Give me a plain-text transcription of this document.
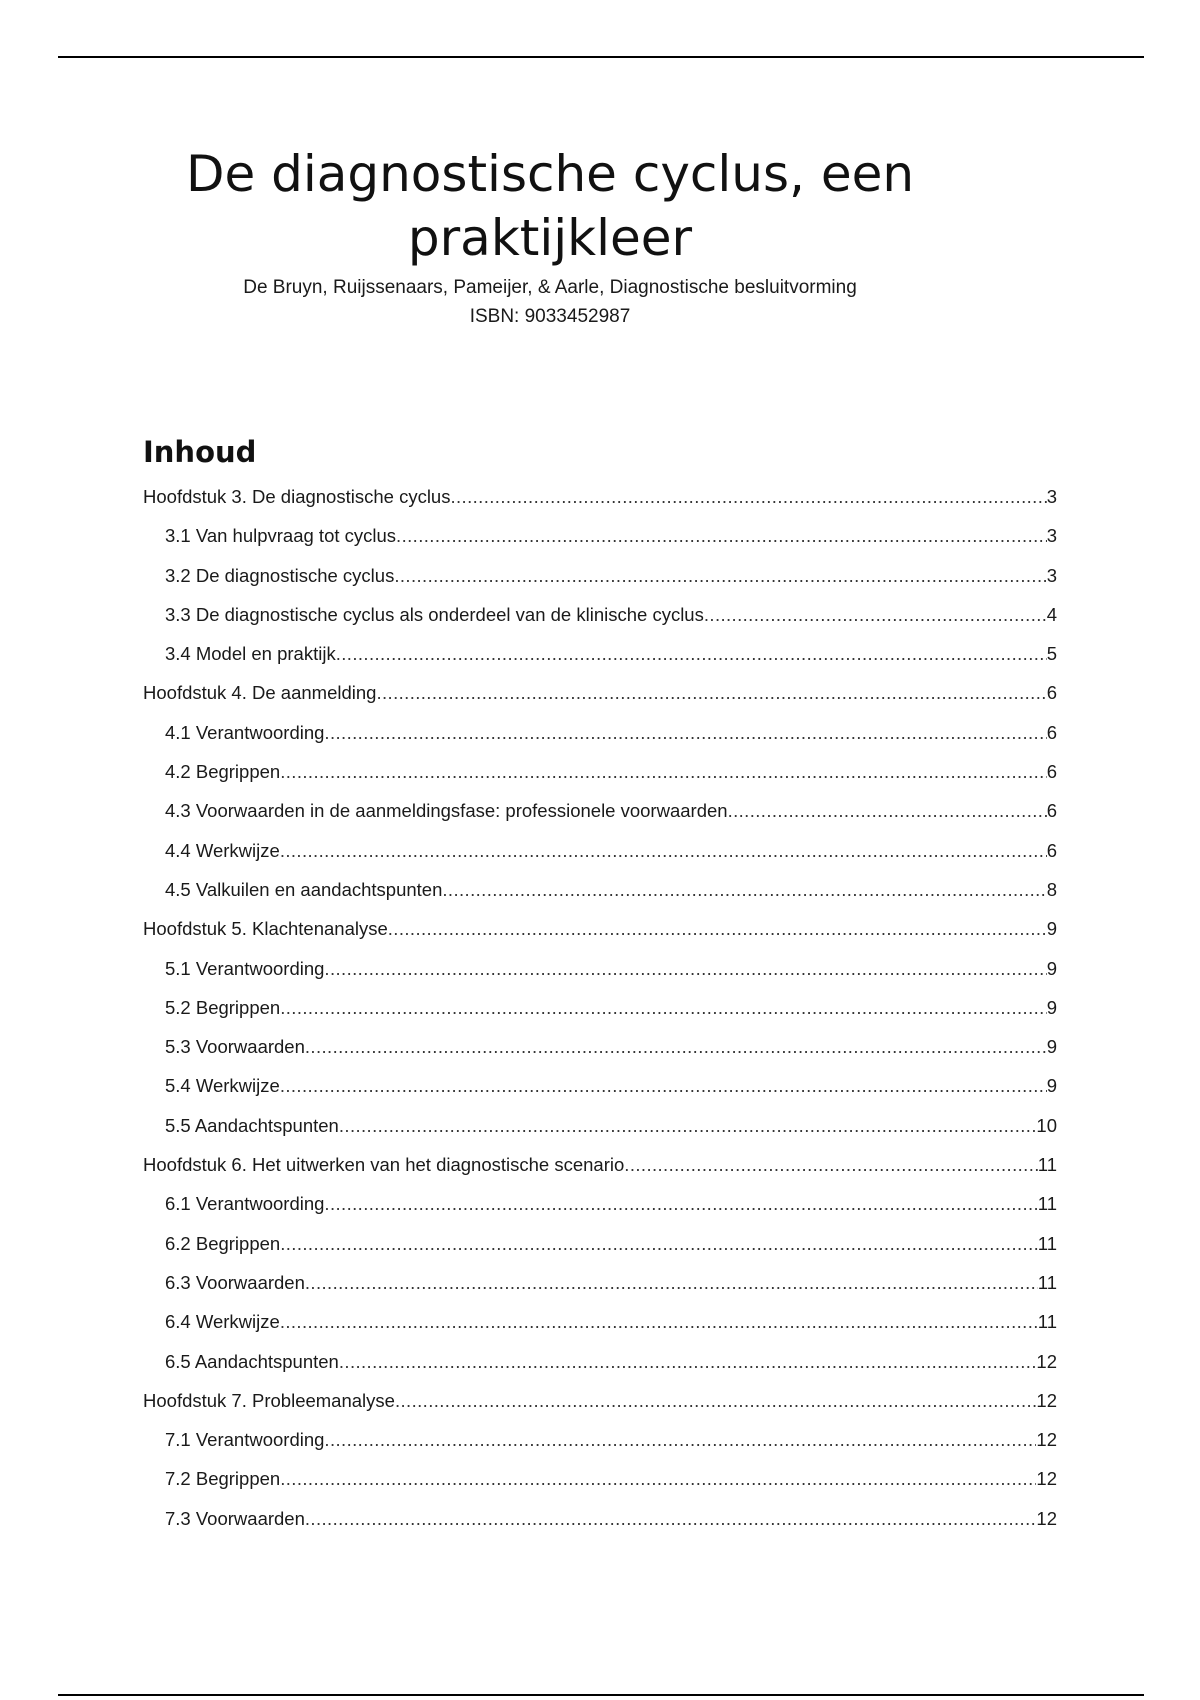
De diagnostische cyclus, een praktijkleer
De Bruyn, Ruijssenaars, Pameijer, & Aarle, Diagnostische besluitvorming
ISBN: 9033452987
Inhoud
Hoofdstuk 3. De diagnostische cyclus .....	3
3.1 Van hulpvraag tot cyclus .....	3
3.2 De diagnostische cyclus .....	3
3.3 De diagnostische cyclus als onderdeel van de klinische cyclus .....	4
3.4 Model en praktijk .....	5
Hoofdstuk 4. De aanmelding .....	6
4.1 Verantwoording .....	6
4.2 Begrippen .....	6
4.3 Voorwaarden in de aanmeldingsfase: professionele voorwaarden .....	6
4.4 Werkwijze .....	6
4.5 Valkuilen en aandachtspunten .....	8
Hoofdstuk 5. Klachtenanalyse .....	9
5.1 Verantwoording .....	9
5.2 Begrippen .....	9
5.3 Voorwaarden .....	9
5.4 Werkwijze .....	9
5.5 Aandachtspunten .....	10
Hoofdstuk 6. Het uitwerken van het diagnostische scenario .....	11
6.1 Verantwoording .....	11
6.2 Begrippen .....	11
6.3 Voorwaarden .....	11
6.4 Werkwijze .....	11
6.5 Aandachtspunten .....	12
Hoofdstuk 7. Probleemanalyse .....	12
7.1 Verantwoording .....	12
7.2 Begrippen .....	12
7.3 Voorwaarden .....	12
